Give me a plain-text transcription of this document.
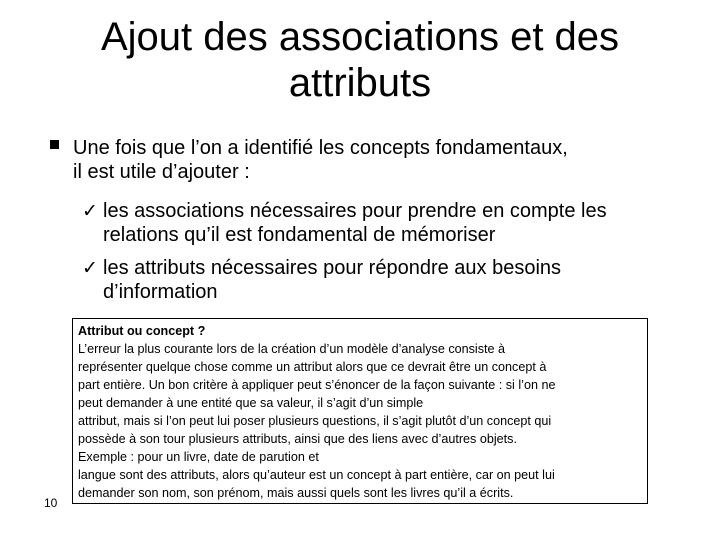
Ajout des associations et des
attributs
Une fois que l’on a identifié les concepts fondamentaux,
il est utile d’ajouter :
✓ les associations nécessaires pour prendre en compte les
relations qu’il est fondamental de mémoriser
✓ les attributs nécessaires pour répondre aux besoins
d’information
Attribut ou concept ?
L’erreur la plus courante lors de la création d’un modèle d’analyse consiste à
représenter quelque chose comme un attribut alors que ce devrait être un concept à
part entière. Un bon critère à appliquer peut s’énoncer de la façon suivante : si l’on ne
peut demander à une entité que sa valeur, il s’agit d’un simple
attribut, mais si l’on peut lui poser plusieurs questions, il s’agit plutôt d’un concept qui
possède à son tour plusieurs attributs, ainsi que des liens avec d’autres objets.
Exemple : pour un livre, date de parution et
langue sont des attributs, alors qu’auteur est un concept à part entière, car on peut lui
demander son nom, son prénom, mais aussi quels sont les livres qu’il a écrits.
10
